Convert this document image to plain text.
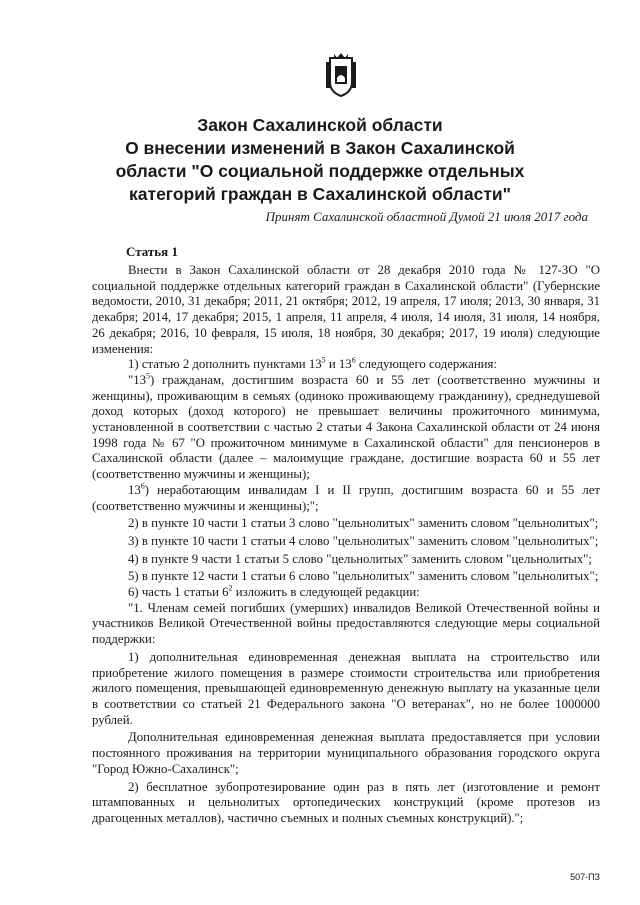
Закон Сахалинской области
О внесении изменений в Закон Сахалинской
области "О социальной поддержке отдельных
категорий граждан в Сахалинской области"
Принят Сахалинской областной Думой 21 июля 2017 года
Статья 1

Внести в Закон Сахалинской области от 28 декабря 2010 года № 127-ЗО "О социальной поддержке отдельных категорий граждан в Сахалинской области" (Губернские ведомости, 2010, 31 декабря; 2011, 21 октября; 2012, 19 апреля, 17 июля; 2013, 30 января, 31 декабря; 2014, 17 декабря; 2015, 1 апреля, 11 апреля, 4 июля, 14 июля, 31 июля, 14 ноября, 26 декабря; 2016, 10 февраля, 15 июля, 18 ноября, 30 декабря; 2017, 19 июля) следующие изменения:

1) статью 2 дополнить пунктами $13^5$ и $13^6$ следующего содержания:

"$13^5$) гражданам, достигшим возраста 60 и 55 лет (соответственно мужчины и женщины), проживающим в семьях (одиноко проживающему гражданину), среднедушевой доход которых (доход которого) не превышает величины прожиточного минимума, установленной в соответствии с частью 2 статьи 4 Закона Сахалинской области от 24 июня 1998 года № 67 "О прожиточном минимуме в Сахалинской области" для пенсионеров в Сахалинской области (далее – малоимущие граждане, достигшие возраста 60 и 55 лет (соответственно мужчины и женщины);

$13^6$) неработающим инвалидам I и II групп, достигшим возраста 60 и 55 лет (соответственно мужчины и женщины);";

2) в пункте 10 части 1 статьи 3 слово "цельнолитых" заменить словом "цельнолитых";

3) в пункте 10 части 1 статьи 4 слово "цельнолитых" заменить словом "цельнолитых";

4) в пункте 9 части 1 статьи 5 слово "цельнолитых" заменить словом "цельнолитых";

5) в пункте 12 части 1 статьи 6 слово "цельнолитых" заменить словом "цельнолитых";

6) часть 1 статьи $6^2$ изложить в следующей редакции:

"1. Членам семей погибших (умерших) инвалидов Великой Отечественной войны и участников Великой Отечественной войны предоставляются следующие меры социальной поддержки:

1) дополнительная единовременная денежная выплата на строительство или приобретение жилого помещения в размере стоимости строительства или приобретения жилого помещения, превышающей единовременную денежную выплату на указанные цели в соответствии со статьей 21 Федерального закона "О ветеранах", но не более 1000000 рублей.

Дополнительная единовременная денежная выплата предоставляется при условии постоянного проживания на территории муниципального образования городского округа "Город Южно-Сахалинск";

2) бесплатное зубопротезирование один раз в пять лет (изготовление и ремонт штампованных и цельнолитых ортопедических конструкций (кроме протезов из драгоценных металлов), частично съемных и полных съемных конструкций).";

507-ПЗ
